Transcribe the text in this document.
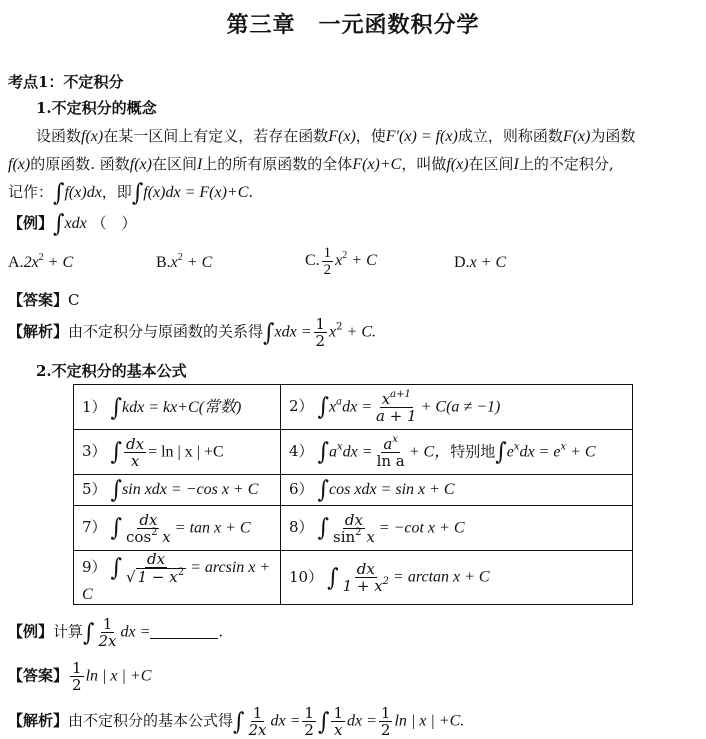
第三章　一元函数积分学
考点1：不定积分
1.不定积分的概念
设函数f(x)在某一区间上有定义，若存在函数F(x)，使F′(x) = f(x)成立，则称函数F(x)为函数
f(x)的原函数. 函数f(x)在区间I上的所有原函数的全体F(x)+C，叫做f(x)在区间I上的不定积分,
记作：∫f(x)dx，即∫f(x)dx = F(x)+C.
【例】∫xdx （　）
$A.2x^2 + C$	$B.x^2 + C$	C. $\frac{1}{2} x^2 + C$	D.x + C
【答案】C
【解析】由不定积分与原函数的关系得$\int xdx = \frac{1}{2} x^2 + C$.
2.不定积分的基本公式
1） ∫kdx = kx+C(常数)	2） $\int x^adx = \frac{x^{a+1}}{a + 1} + C(a \ne -1)$
3） ∫ $\frac{dx}{x} = \ln$ | x | +C	4） $\int a^xdx = \frac{a^x}{\text{ln a}} + C$，特别地$\int e^xdx = e^x + C$
5） ∫sin xdx = −cos x + C	6） ∫cos xdx = sin x + C
7） ∫ $\frac{dx}{\cos^2 x} = \tan x + C$	8） ∫ $\frac{dx}{\sin^2 x} = -\cot$ x + C
9） ∫ $\frac{dx}{√ 1 - x^2} = \arcsin x + C$	10） ∫ $\frac{dx}{1 + x^2} = \arctan x + C$
【例】计算∫ $\frac{1}{2x}$ dx =	.
【答案】 $\frac{1}{2}$ ln | x | +C
【解析】由不定积分的基本公式得∫ $\frac{1}{2x}$ dx = $\frac{1}{2}$ ∫ $\frac{1}{x}$ dx = $\frac{1}{2}$ ln | x | +C.
